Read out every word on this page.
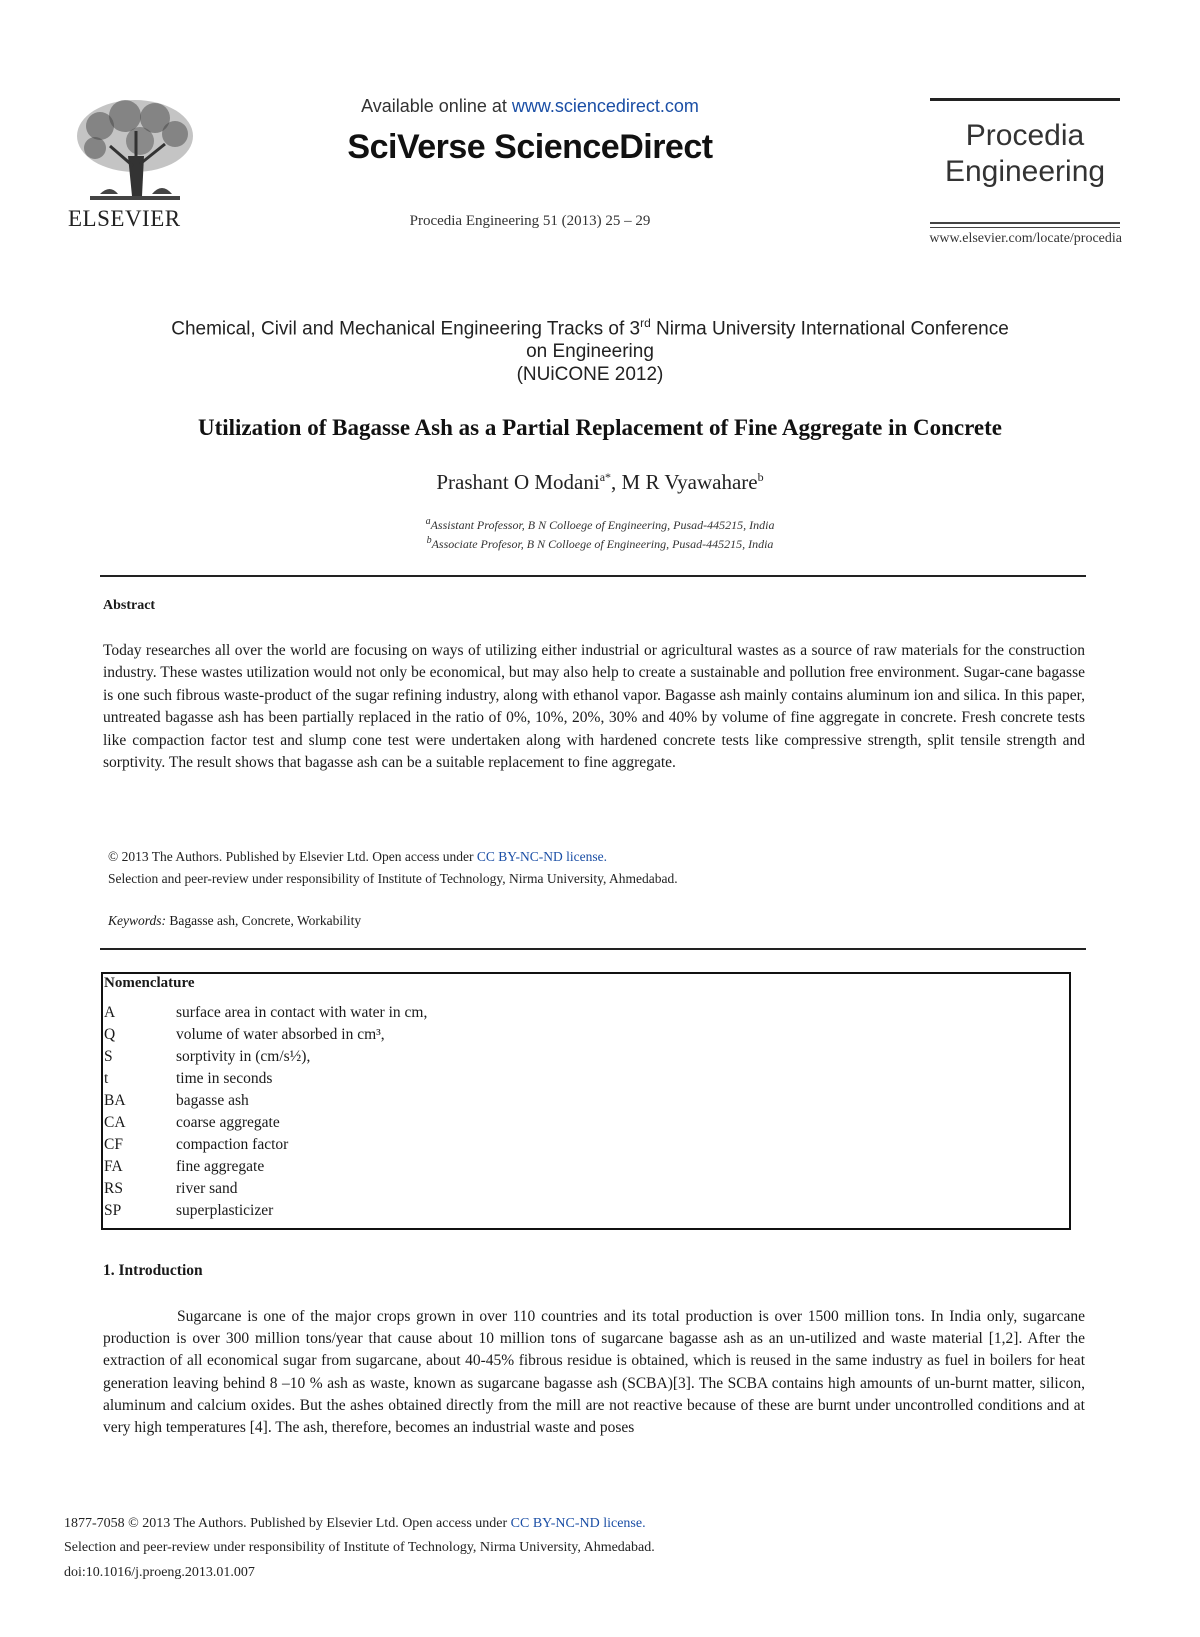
ELSEVIER
Available online at www.sciencedirect.com
SciVerse ScienceDirect
Procedia Engineering 51 (2013) 25 – 29
Procedia
Engineering
www.elsevier.com/locate/procedia
Chemical, Civil and Mechanical Engineering Tracks of 3rd Nirma University International Conference
on Engineering
(NUiCONE 2012)
Utilization of Bagasse Ash as a Partial Replacement of Fine Aggregate in Concrete
Prashant O Modani$^{a*}$, M R Vyawahare$^b$
$^a$Assistant Professor, B N Colloege of Engineering, Pusad-445215, India
$^b$Associate Profesor, B N Colloege of Engineering, Pusad-445215, India
Abstract
Today researches all over the world are focusing on ways of utilizing either industrial or agricultural wastes as a source of raw materials for the construction industry. These wastes utilization would not only be economical, but may also help to create a sustainable and pollution free environment. Sugar-cane bagasse is one such fibrous waste-product of the sugar refining industry, along with ethanol vapor. Bagasse ash mainly contains aluminum ion and silica. In this paper, untreated bagasse ash has been partially replaced in the ratio of 0%, 10%, 20%, 30% and 40% by volume of fine aggregate in concrete. Fresh concrete tests like compaction factor test and slump cone test were undertaken along with hardened concrete tests like compressive strength, split tensile strength and sorptivity. The result shows that bagasse ash can be a suitable replacement to fine aggregate.
© 2013 The Authors. Published by Elsevier Ltd. Open access under CC BY-NC-ND license.
Selection and peer-review under responsibility of Institute of Technology, Nirma University, Ahmedabad.
Keywords: Bagasse ash, Concrete, Workability
Nomenclature
A	surface area in contact with water in cm,
Q	volume of water absorbed in cm³,
S	sorptivity in (cm/s½),
t	time in seconds
BA	bagasse ash
CA	coarse aggregate
CF	compaction factor
FA	fine aggregate
RS	river sand
SP	superplasticizer
1. Introduction
Sugarcane is one of the major crops grown in over 110 countries and its total production is over 1500 million tons. In India only, sugarcane production is over 300 million tons/year that cause about 10 million tons of sugarcane bagasse ash as an un-utilized and waste material [1,2]. After the extraction of all economical sugar from sugarcane, about 40-45% fibrous residue is obtained, which is reused in the same industry as fuel in boilers for heat generation leaving behind 8 –10 % ash as waste, known as sugarcane bagasse ash (SCBA)[3]. The SCBA contains high amounts of un-burnt matter, silicon, aluminum and calcium oxides. But the ashes obtained directly from the mill are not reactive because of these are burnt under uncontrolled conditions and at very high temperatures [4]. The ash, therefore, becomes an industrial waste and poses
1877-7058 © 2013 The Authors. Published by Elsevier Ltd. Open access under CC BY-NC-ND license.
Selection and peer-review under responsibility of Institute of Technology, Nirma University, Ahmedabad.
doi:10.1016/j.proeng.2013.01.007
